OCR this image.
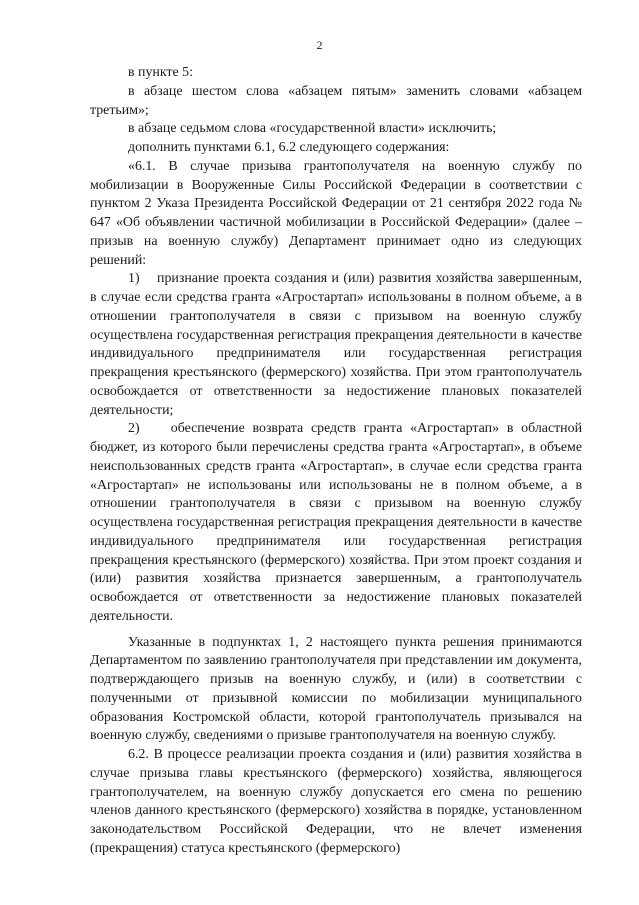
2

в пункте 5:

в абзаце шестом слова «абзацем пятым» заменить словами «абзацем третьим»;

в абзаце седьмом слова «государственной власти» исключить;

дополнить пунктами 6.1, 6.2 следующего содержания:

«6.1. В случае призыва грантополучателя на военную службу по мобилизации в Вооруженные Силы Российской Федерации в соответствии с пунктом 2 Указа Президента Российской Федерации от 21 сентября 2022 года № 647 «Об объявлении частичной мобилизации в Российской Федерации» (далее – призыв на военную службу) Департамент принимает одно из следующих решений:

1)    признание проекта создания и (или) развития хозяйства завершенным, в случае если средства гранта «Агростартап» использованы в полном объеме, а в отношении грантополучателя в связи с призывом на военную службу осуществлена государственная регистрация прекращения деятельности в качестве индивидуального предпринимателя или государственная регистрация прекращения крестьянского (фермерского) хозяйства. При этом грантополучатель освобождается от ответственности за недостижение плановых показателей деятельности;

2)    обеспечение возврата средств гранта «Агростартап» в областной бюджет, из которого были перечислены средства гранта «Агростартап», в объеме неиспользованных средств гранта «Агростартап», в случае если средства гранта «Агростартап» не использованы или использованы не в полном объеме, а в отношении грантополучателя в связи с призывом на военную службу осуществлена государственная регистрация прекращения деятельности в качестве индивидуального предпринимателя или государственная регистрация прекращения крестьянского (фермерского) хозяйства. При этом проект создания и (или) развития хозяйства признается завершенным, а грантополучатель освобождается от ответственности за недостижение плановых показателей деятельности.

Указанные в подпунктах 1, 2 настоящего пункта решения принимаются Департаментом по заявлению грантополучателя при представлении им документа, подтверждающего призыв на военную службу, и (или) в соответствии с полученными от призывной комиссии по мобилизации муниципального образования Костромской области, которой грантополучатель призывался на военную службу, сведениями о призыве грантополучателя на военную службу.

6.2. В процессе реализации проекта создания и (или) развития хозяйства в случае призыва главы крестьянского (фермерского) хозяйства, являющегося грантополучателем, на военную службу допускается его смена по решению членов данного крестьянского (фермерского) хозяйства в порядке, установленном законодательством Российской Федерации, что не влечет изменения (прекращения) статуса крестьянского (фермерского)
